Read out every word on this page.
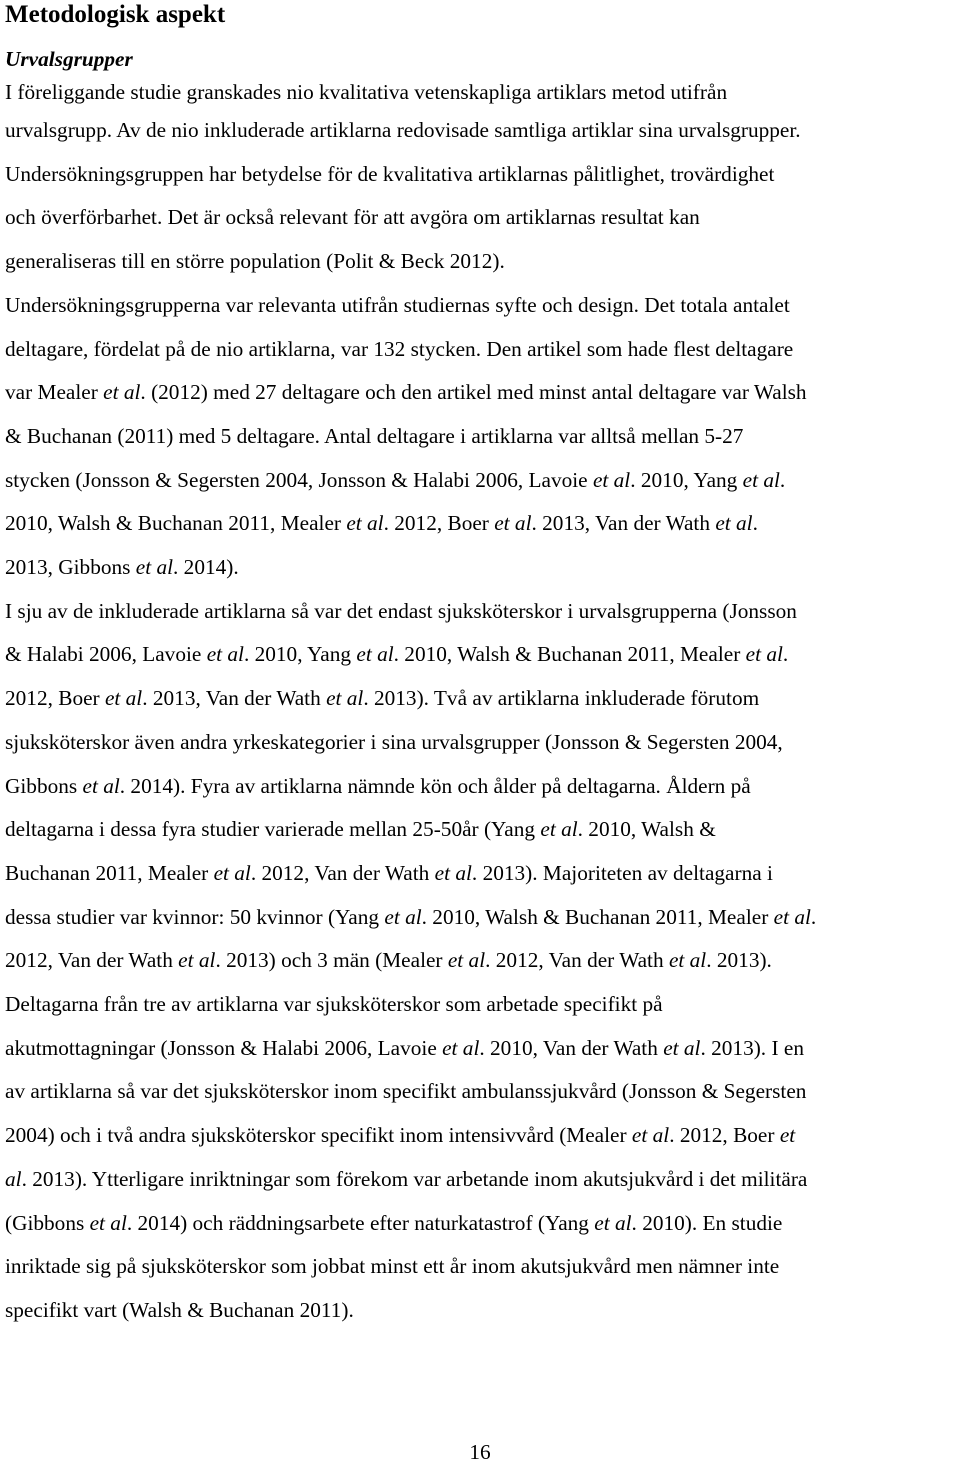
Metodologisk aspekt
Urvalsgrupper
I föreliggande studie granskades nio kvalitativa vetenskapliga artiklars metod utifrån
urvalsgrupp. Av de nio inkluderade artiklarna redovisade samtliga artiklar sina urvalsgrupper.
Undersökningsgruppen har betydelse för de kvalitativa artiklarnas pålitlighet, trovärdighet
och överförbarhet. Det är också relevant för att avgöra om artiklarnas resultat kan
generaliseras till en större population (Polit & Beck 2012).
Undersökningsgrupperna var relevanta utifrån studiernas syfte och design. Det totala antalet
deltagare, fördelat på de nio artiklarna, var 132 stycken. Den artikel som hade flest deltagare
var Mealer et al. (2012) med 27 deltagare och den artikel med minst antal deltagare var Walsh
& Buchanan (2011) med 5 deltagare. Antal deltagare i artiklarna var alltså mellan 5-27
stycken (Jonsson & Segersten 2004, Jonsson & Halabi 2006, Lavoie et al. 2010, Yang et al.
2010, Walsh & Buchanan 2011, Mealer et al. 2012, Boer et al. 2013, Van der Wath et al.
2013, Gibbons et al. 2014).
I sju av de inkluderade artiklarna så var det endast sjuksköterskor i urvalsgrupperna (Jonsson
& Halabi 2006, Lavoie et al. 2010, Yang et al. 2010, Walsh & Buchanan 2011, Mealer et al.
2012, Boer et al. 2013, Van der Wath et al. 2013). Två av artiklarna inkluderade förutom
sjuksköterskor även andra yrkeskategorier i sina urvalsgrupper (Jonsson & Segersten 2004,
Gibbons et al. 2014). Fyra av artiklarna nämnde kön och ålder på deltagarna. Åldern på
deltagarna i dessa fyra studier varierade mellan 25-50år (Yang et al. 2010, Walsh &
Buchanan 2011, Mealer et al. 2012, Van der Wath et al. 2013). Majoriteten av deltagarna i
dessa studier var kvinnor: 50 kvinnor (Yang et al. 2010, Walsh & Buchanan 2011, Mealer et al.
2012, Van der Wath et al. 2013) och 3 män (Mealer et al. 2012, Van der Wath et al. 2013).
Deltagarna från tre av artiklarna var sjuksköterskor som arbetade specifikt på
akutmottagningar (Jonsson & Halabi 2006, Lavoie et al. 2010, Van der Wath et al. 2013). I en
av artiklarna så var det sjuksköterskor inom specifikt ambulanssjukvård (Jonsson & Segersten
2004) och i två andra sjuksköterskor specifikt inom intensivvård (Mealer et al. 2012, Boer et
al. 2013). Ytterligare inriktningar som förekom var arbetande inom akutsjukvård i det militära
(Gibbons et al. 2014) och räddningsarbete efter naturkatastrof (Yang et al. 2010). En studie
inriktade sig på sjuksköterskor som jobbat minst ett år inom akutsjukvård men nämner inte
specifikt vart (Walsh & Buchanan 2011).
16
